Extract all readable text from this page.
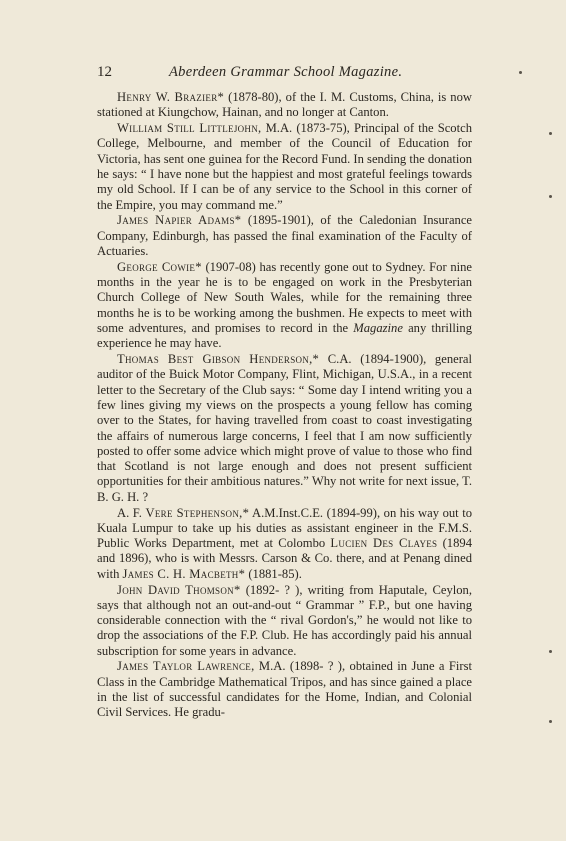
12	Aberdeen Grammar School Magazine.

Henry W. Brazier* (1878-80), of the I. M. Customs, China, is now stationed at Kiungchow, Hainan, and no longer at Canton.

William Still Littlejohn, M.A. (1873-75), Principal of the Scotch College, Melbourne, and member of the Council of Education for Victoria, has sent one guinea for the Record Fund. In sending the donation he says: “ I have none but the happiest and most grateful feelings towards my old School. If I can be of any service to the School in this corner of the Empire, you may command me.”

James Napier Adams* (1895-1901), of the Caledonian Insurance Company, Edinburgh, has passed the final examination of the Faculty of Actuaries.

George Cowie* (1907-08) has recently gone out to Sydney. For nine months in the year he is to be engaged on work in the Presbyterian Church College of New South Wales, while for the remaining three months he is to be working among the bushmen. He expects to meet with some adventures, and promises to record in the Magazine any thrilling experience he may have.

Thomas Best Gibson Henderson,* C.A. (1894-1900), general auditor of the Buick Motor Company, Flint, Michigan, U.S.A., in a recent letter to the Secretary of the Club says: “ Some day I intend writing you a few lines giving my views on the prospects a young fellow has coming over to the States, for having travelled from coast to coast investigating the affairs of numerous large concerns, I feel that I am now sufficiently posted to offer some advice which might prove of value to those who find that Scotland is not large enough and does not present sufficient opportunities for their ambitious natures.” Why not write for next issue, T. B. G. H. ?

A. F. Vere Stephenson,* A.M.Inst.C.E. (1894-99), on his way out to Kuala Lumpur to take up his duties as assistant engineer in the F.M.S. Public Works Department, met at Colombo Lucien Des Clayes (1894 and 1896), who is with Messrs. Carson & Co. there, and at Penang dined with James C. H. Macbeth* (1881-85).

John David Thomson* (1892- ? ), writing from Haputale, Ceylon, says that although not an out-and-out “ Grammar ” F.P., but one having considerable connection with the “ rival Gordon's,” he would not like to drop the associations of the F.P. Club. He has accordingly paid his annual subscription for some years in advance.

James Taylor Lawrence, M.A. (1898- ? ), obtained in June a First Class in the Cambridge Mathematical Tripos, and has since gained a place in the list of successful candidates for the Home, Indian, and Colonial Civil Services. He gradu-
